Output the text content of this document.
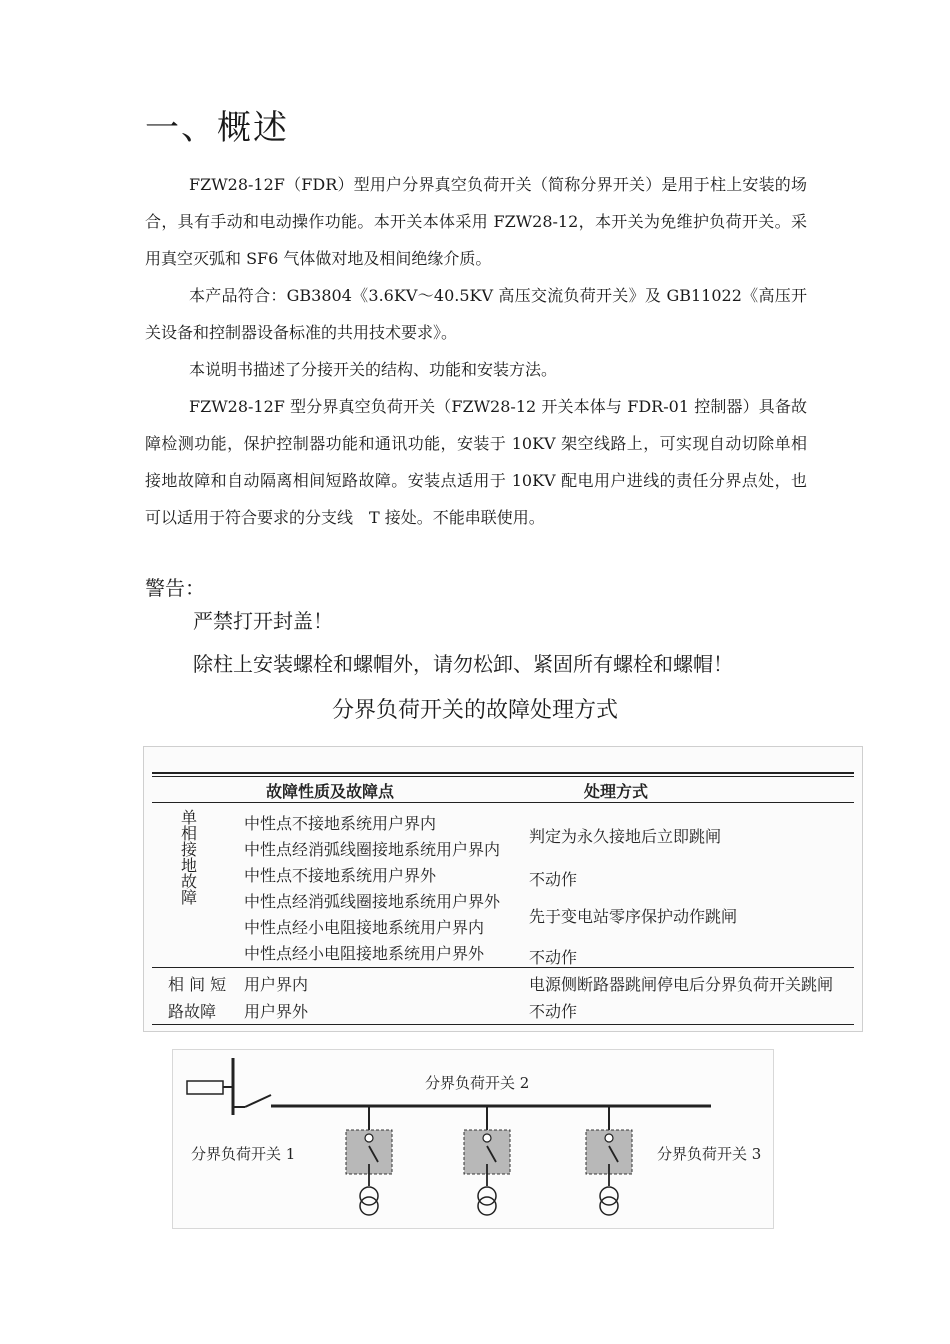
一、概述
FZW28-12F（FDR）型用户分界真空负荷开关（简称分界开关）是用于柱上安装的场合，具有手动和电动操作功能。本开关本体采用 FZW28-12，本开关为免维护负荷开关。采用真空灭弧和 SF6 气体做对地及相间绝缘介质。
本产品符合：GB3804《3.6KV～40.5KV 高压交流负荷开关》及 GB11022《高压开关设备和控制器设备标准的共用技术要求》。
本说明书描述了分接开关的结构、功能和安装方法。
FZW28-12F 型分界真空负荷开关（FZW28-12 开关本体与 FDR-01 控制器）具备故障检测功能，保护控制器功能和通讯功能，安装于 10KV 架空线路上，可实现自动切除单相接地故障和自动隔离相间短路故障。安装点适用于 10KV 配电用户进线的责任分界点处，也可以适用于符合要求的分支线　T 接处。不能串联使用。
警告：
严禁打开封盖！
除柱上安装螺栓和螺帽外，请勿松卸、紧固所有螺栓和螺帽！
分界负荷开关的故障处理方式
故障性质及故障点	处理方式
单相接地故障
中性点不接地系统用户界内
中性点经消弧线圈接地系统用户界内
中性点不接地系统用户界外
中性点经消弧线圈接地系统用户界外
中性点经小电阻接地系统用户界内
中性点经小电阻接地系统用户界外
判定为永久接地后立即跳闸
不动作
先于变电站零序保护动作跳闸
不动作
相 间 短
路故障
用户界内
用户界外
电源侧断路器跳闸停电后分界负荷开关跳闸
不动作
分界负荷开关 2
分界负荷开关 1	分界负荷开关 3
